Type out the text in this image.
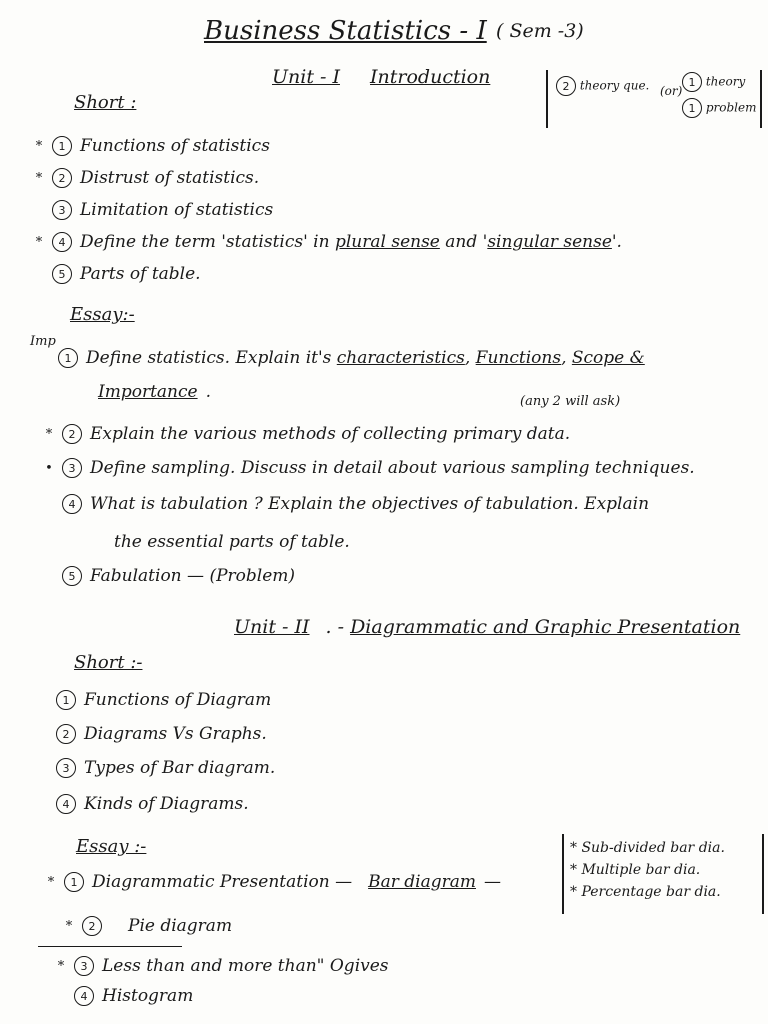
Business Statistics - I ( Sem -3)
Unit - I Introduction	2 theory que. (or)
1 theory
1 problem
Short :
*	1 Functions of statistics
*	2 Distrust of statistics.
3 Limitation of statistics
*	4 Define the term 'statistics' in plural sense and 'singular sense'.
5 Parts of table.
Essay:-
Imp
1 Define statistics. Explain it's characteristics, Functions, Scope &
Importance .	(any 2 will ask)
*	2 Explain the various methods of collecting primary data.
•	3 Define sampling. Discuss in detail about various sampling techniques.
4 What is tabulation ? Explain the objectives of tabulation. Explain
the essential parts of table.
5 Fabulation — (Problem)
Unit - II . - Diagrammatic and Graphic Presentation
Short :-
1 Functions of Diagram
2 Diagrams Vs Graphs.
3 Types of Bar diagram.
4 Kinds of Diagrams.
Essay :-
*	1 Diagrammatic Presentation — Bar diagram —
* Sub-divided bar dia.
* Multiple bar dia.
* Percentage bar dia.
*	2	Pie diagram
*	3 Less than and more than" Ogives
4 Histogram
